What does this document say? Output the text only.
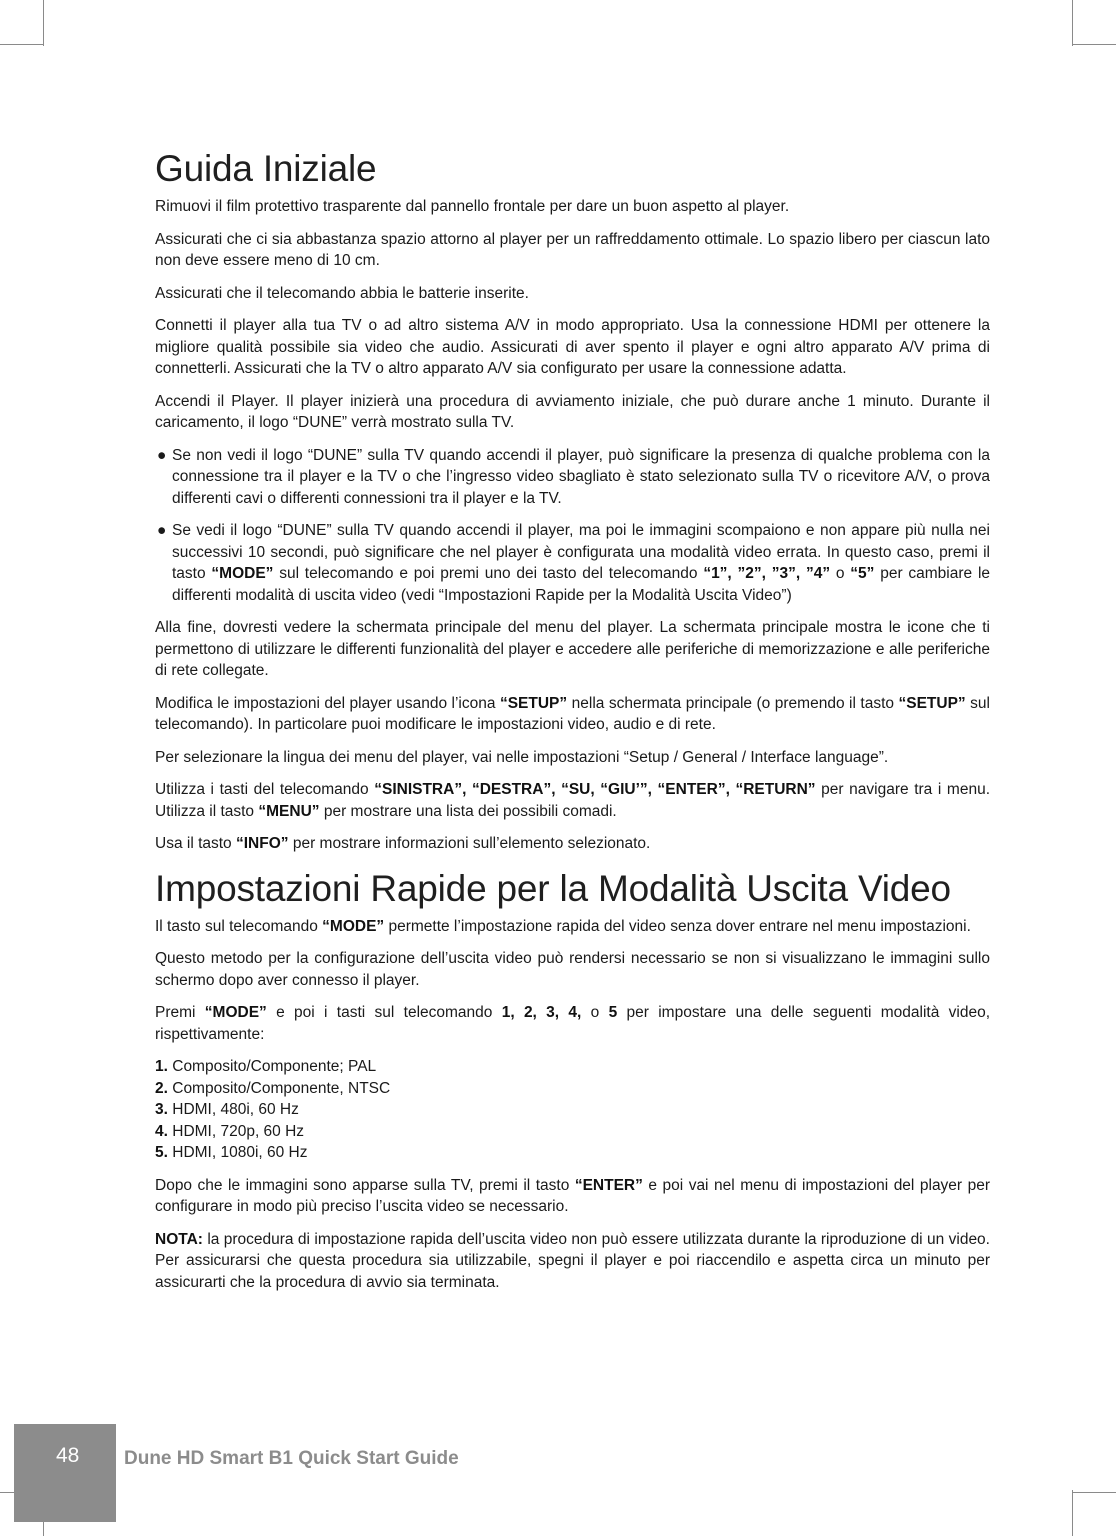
Guida Iniziale

Rimuovi il film protettivo trasparente dal pannello frontale per dare un buon aspetto al player.

Assicurati che ci sia abbastanza spazio attorno al player per un raffreddamento ottimale. Lo spazio libero per ciascun lato non deve essere meno di 10 cm.

Assicurati che il telecomando abbia le batterie inserite.

Connetti il player alla tua TV o ad altro sistema A/V in modo appropriato. Usa la connessione HDMI per ottenere la migliore qualità possibile sia video che audio. Assicurati di aver spento il player e ogni altro apparato A/V prima di connetterli. Assicurati che la TV o altro apparato A/V sia configurato per usare la connessione adatta.

Accendi il Player. Il player inizierà una procedura di avviamento iniziale, che può durare anche 1 minuto. Durante il caricamento, il logo “DUNE” verrà mostrato sulla TV.

● Se non vedi il logo “DUNE” sulla TV quando accendi il player, può significare la presenza di qualche problema con la connessione tra il player e la TV o che l’ingresso video sbagliato è stato selezionato sulla TV o ricevitore A/V, o prova differenti cavi o differenti connessioni tra il player e la TV.

● Se vedi il logo “DUNE” sulla TV quando accendi il player, ma poi le immagini scompaiono e non appare più nulla nei successivi 10 secondi, può significare che nel player è configurata una modalità video errata. In questo caso, premi il tasto “MODE” sul telecomando e poi premi uno dei tasto del telecomando “1”, ”2”, ”3”, ”4” o “5” per cambiare le differenti modalità di uscita video (vedi “Impostazioni Rapide per la Modalità Uscita Video”)

Alla fine, dovresti vedere la schermata principale del menu del player. La schermata principale mostra le icone che ti permettono di utilizzare le differenti funzionalità del player e accedere alle periferiche di memorizzazione e alle periferiche di rete collegate.

Modifica le impostazioni del player usando l’icona “SETUP” nella schermata principale (o premendo il tasto “SETUP” sul telecomando). In particolare puoi modificare le impostazioni video, audio e di rete.

Per selezionare la lingua dei menu del player, vai nelle impostazioni “Setup / General / Interface language”.

Utilizza i tasti del telecomando “SINISTRA”, “DESTRA”, “SU, “GIU’”, “ENTER”, “RETURN” per navigare tra i menu. Utilizza il tasto “MENU” per mostrare una lista dei possibili comadi.

Usa il tasto “INFO” per mostrare informazioni sull’elemento selezionato.

Impostazioni Rapide per la Modalità Uscita Video

Il tasto sul telecomando “MODE” permette l’impostazione rapida del video senza dover entrare nel menu impostazioni.

Questo metodo per la configurazione dell’uscita video può rendersi necessario se non si visualizzano le immagini sullo schermo dopo aver connesso il player.

Premi “MODE” e poi i tasti sul telecomando 1, 2, 3, 4, o 5 per impostare una delle seguenti modalità video, rispettivamente:

1. Composito/Componente; PAL
2. Composito/Componente, NTSC
3. HDMI, 480i, 60 Hz
4. HDMI, 720p, 60 Hz
5. HDMI, 1080i, 60 Hz

Dopo che le immagini sono apparse sulla TV, premi il tasto “ENTER” e poi vai nel menu di impostazioni del player per configurare in modo più preciso l’uscita video se necessario.

NOTA: la procedura di impostazione rapida dell’uscita video non può essere utilizzata durante la riproduzione di un video. Per assicurarsi che questa procedura sia utilizzabile, spegni il player e poi riaccendilo e aspetta circa un minuto per assicurarti che la procedura di avvio sia terminata.

48 Dune HD Smart B1 Quick Start Guide
